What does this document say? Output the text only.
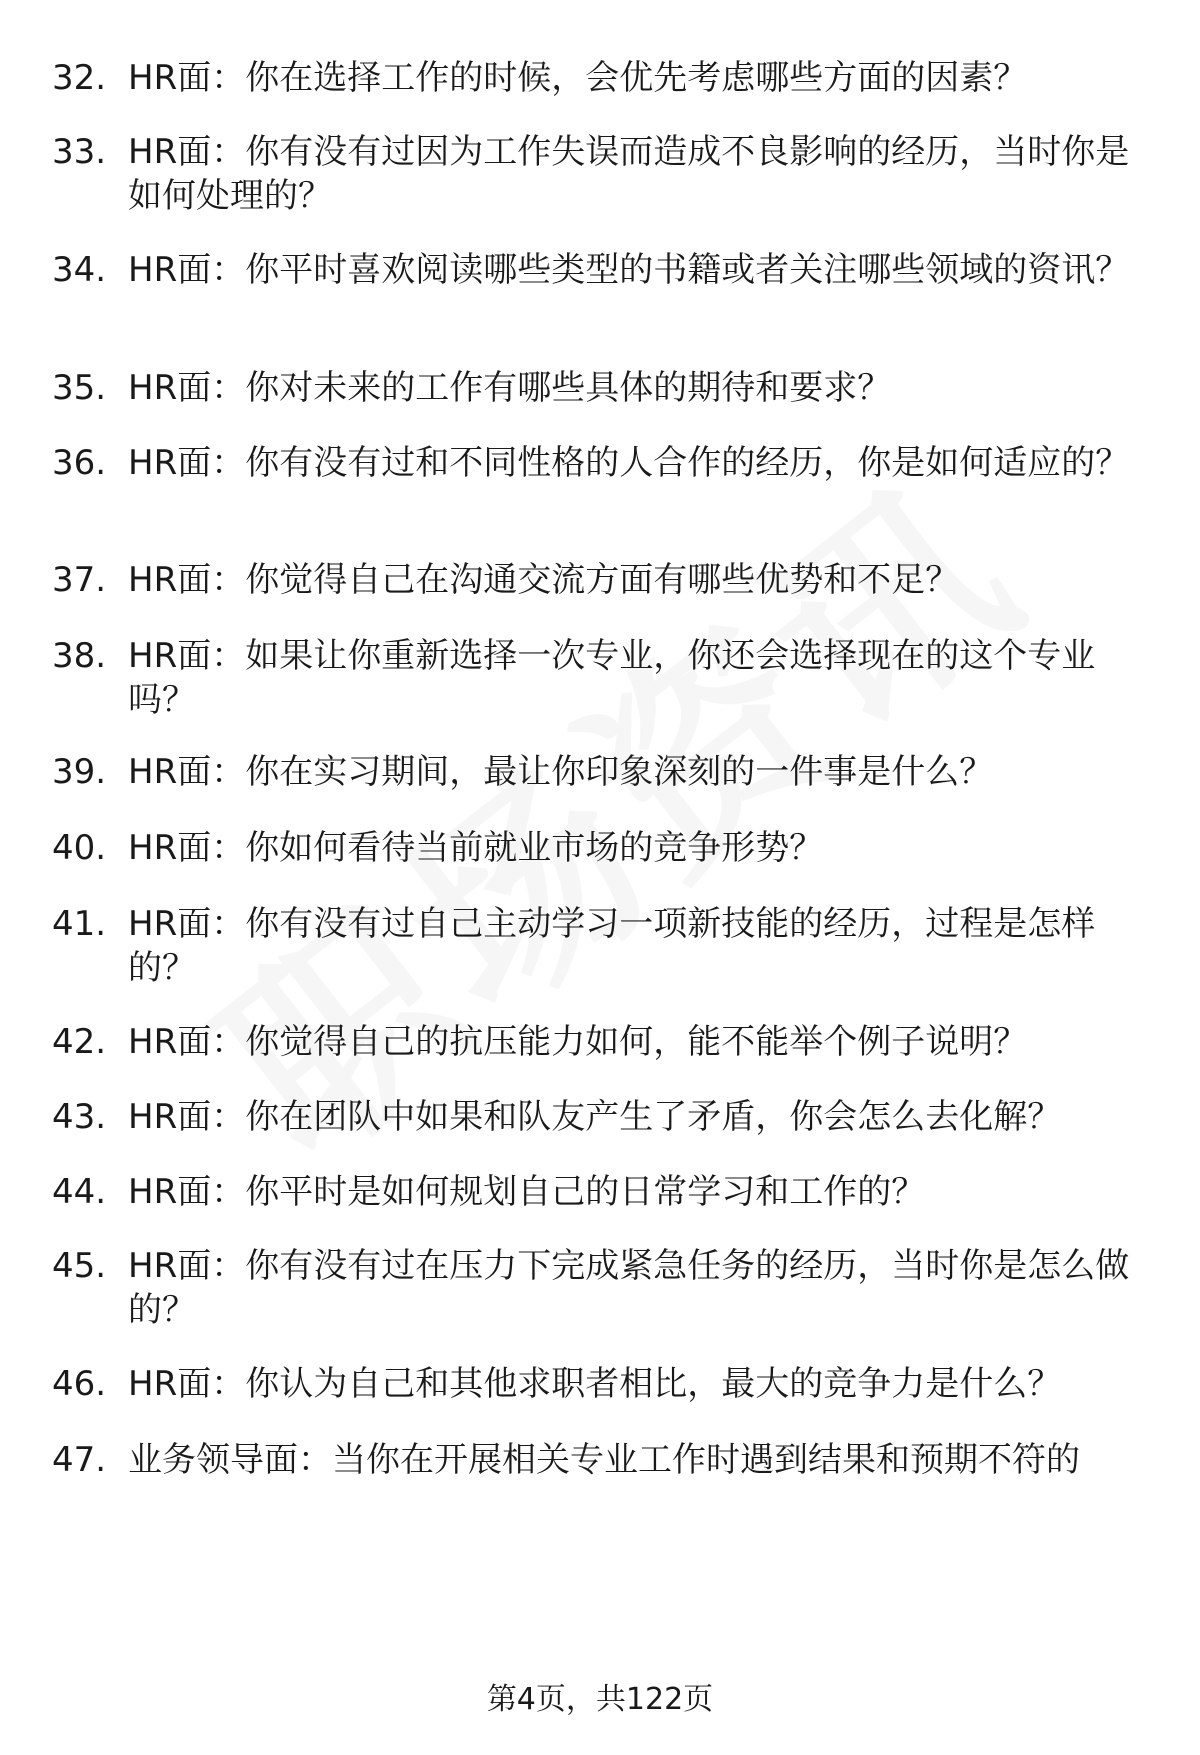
32. HR面：你在选择工作的时候，会优先考虑哪些方面的因素？
33. HR面：你有没有过因为工作失误而造成不良影响的经历，当时你是如何处理的？
34. HR面：你平时喜欢阅读哪些类型的书籍或者关注哪些领域的资讯？
35. HR面：你对未来的工作有哪些具体的期待和要求？
36. HR面：你有没有过和不同性格的人合作的经历，你是如何适应的？
37. HR面：你觉得自己在沟通交流方面有哪些优势和不足？
38. HR面：如果让你重新选择一次专业，你还会选择现在的这个专业吗？
39. HR面：你在实习期间，最让你印象深刻的一件事是什么？
40. HR面：你如何看待当前就业市场的竞争形势？
41. HR面：你有没有过自己主动学习一项新技能的经历，过程是怎样的？
42. HR面：你觉得自己的抗压能力如何，能不能举个例子说明？
43. HR面：你在团队中如果和队友产生了矛盾，你会怎么去化解？
44. HR面：你平时是如何规划自己的日常学习和工作的？
45. HR面：你有没有过在压力下完成紧急任务的经历，当时你是怎么做的？
46. HR面：你认为自己和其他求职者相比，最大的竞争力是什么？
47. 业务领导面：当你在开展相关专业工作时遇到结果和预期不符的
第4页，共122页
